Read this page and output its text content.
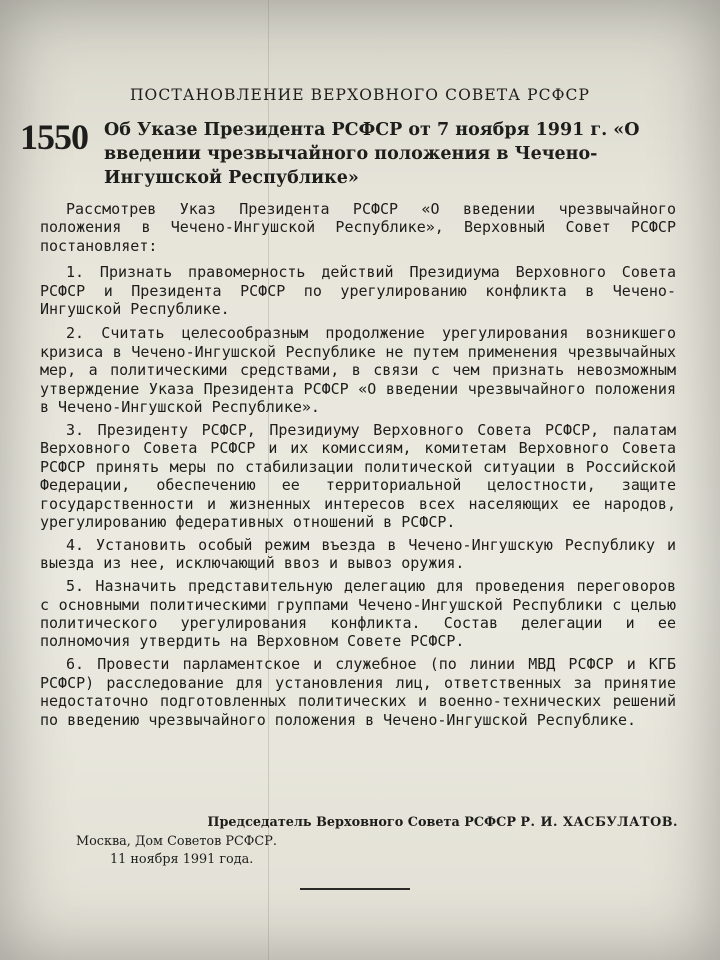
ПОСТАНОВЛЕНИЕ ВЕРХОВНОГО СОВЕТА РСФСР
1550 Об Указе Президента РСФСР от 7 ноября 1991 г. «О введении чрезвычайного положения в Чечено-Ингушской Республике»

Рассмотрев Указ Президента РСФСР «О введении чрезвычайного положения в Чечено-Ингушской Республике», Верховный Совет РСФСР постановляет:

1. Признать правомерность действий Президиума Верховного Совета РСФСР и Президента РСФСР по урегулированию конфликта в Чечено-Ингушской Республике.

2. Считать целесообразным продолжение урегулирования возникшего кризиса в Чечено-Ингушской Республике не путем применения чрезвычайных мер, а политическими средствами, в связи с чем признать невозможным утверждение Указа Президента РСФСР «О введении чрезвычайного положения в Чечено-Ингушской Республике».

3. Президенту РСФСР, Президиуму Верховного Совета РСФСР, палатам Верховного Совета РСФСР и их комиссиям, комитетам Верховного Совета РСФСР принять меры по стабилизации политической ситуации в Российской Федерации, обеспечению ее территориальной целостности, защите государственности и жизненных интересов всех населяющих ее народов, урегулированию федеративных отношений в РСФСР.

4. Установить особый режим въезда в Чечено-Ингушскую Республику и выезда из нее, исключающий ввоз и вывоз оружия.

5. Назначить представительную делегацию для проведения переговоров с основными политическими группами Чечено-Ингушской Республики с целью политического урегулирования конфликта. Состав делегации и ее полномочия утвердить на Верховном Совете РСФСР.

6. Провести парламентское и служебное (по линии МВД РСФСР и КГБ РСФСР) расследование для установления лиц, ответственных за принятие недостаточно подготовленных политических и военно-технических решений по введению чрезвычайного положения в Чечено-Ингушской Республике.

Председатель Верховного Совета РСФСР Р. И. ХАСБУЛАТОВ.
Москва, Дом Советов РСФСР.
11 ноября 1991 года.
